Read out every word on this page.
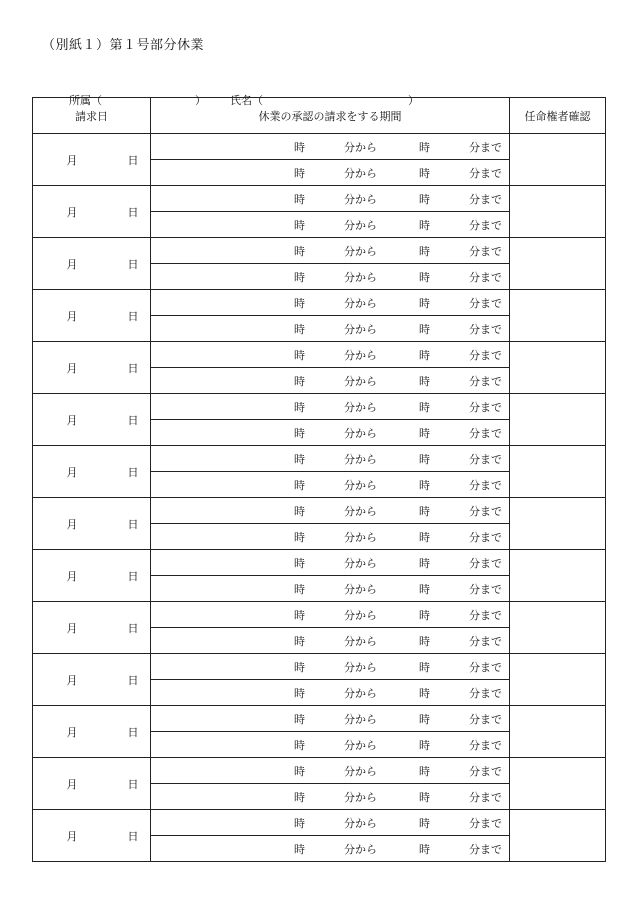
（別紙１）第１号部分休業

所属（	） 氏名（	）

請求日	休業の承認の請求をする期間	任命権者確認
月 日	時 分から 時 分まで	

	時 分から 時 分まで	

月 日	時 分から 時 分まで	

	時 分から 時 分まで	

月 日	時 分から 時 分まで	

	時 分から 時 分まで	

月 日	時 分から 時 分まで	

	時 分から 時 分まで	

月 日	時 分から 時 分まで	

	時 分から 時 分まで	

月 日	時 分から 時 分まで	

	時 分から 時 分まで	

月 日	時 分から 時 分まで	

	時 分から 時 分まで	

月 日	時 分から 時 分まで	

	時 分から 時 分まで	

月 日	時 分から 時 分まで	

	時 分から 時 分まで	

月 日	時 分から 時 分まで	

	時 分から 時 分まで	

月 日	時 分から 時 分まで	

	時 分から 時 分まで	

月 日	時 分から 時 分まで	

	時 分から 時 分まで	

月 日	時 分から 時 分まで	

	時 分から 時 分まで	

月 日	時 分から 時 分まで	

	時 分から 時 分まで	
